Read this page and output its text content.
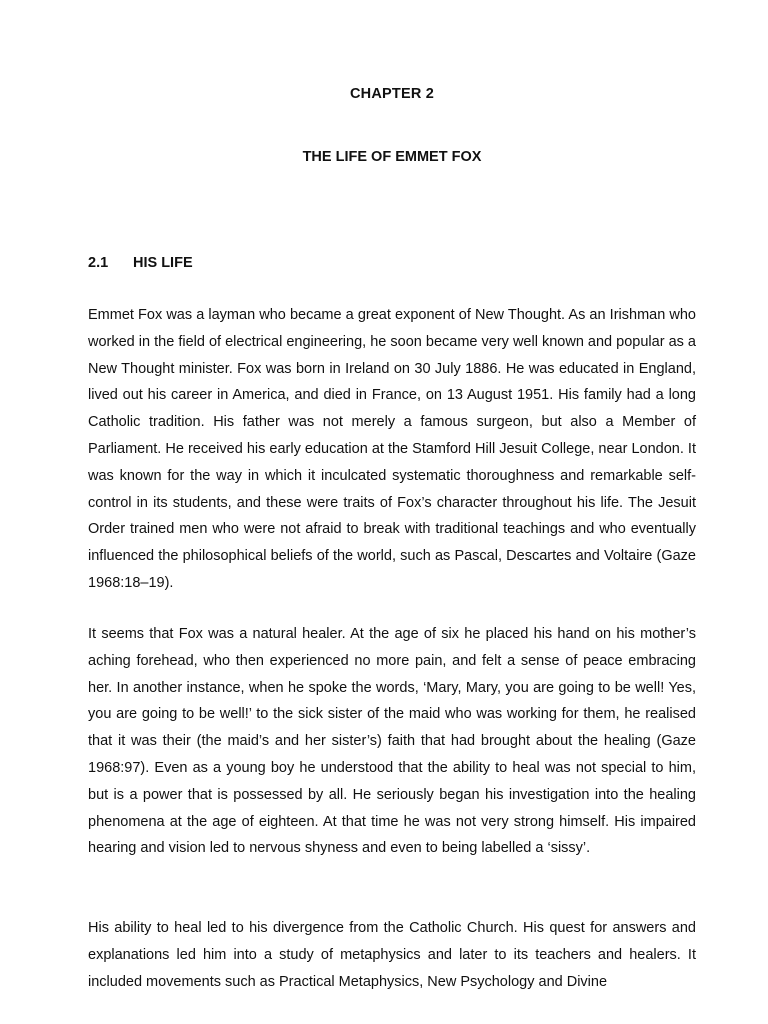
CHAPTER 2
THE LIFE OF EMMET FOX
2.1 HIS LIFE

Emmet Fox was a layman who became a great exponent of New Thought. As an Irishman who worked in the field of electrical engineering, he soon became very well known and popular as a New Thought minister. Fox was born in Ireland on 30 July 1886. He was educated in England, lived out his career in America, and died in France, on 13 August 1951. His family had a long Catholic tradition. His father was not merely a famous surgeon, but also a Member of Parliament. He received his early education at the Stamford Hill Jesuit College, near London. It was known for the way in which it inculcated systematic thoroughness and remarkable self-control in its students, and these were traits of Fox’s character throughout his life. The Jesuit Order trained men who were not afraid to break with traditional teachings and who eventually influenced the philosophical beliefs of the world, such as Pascal, Descartes and Voltaire (Gaze 1968:18–19).

It seems that Fox was a natural healer. At the age of six he placed his hand on his mother’s aching forehead, who then experienced no more pain, and felt a sense of peace embracing her. In another instance, when he spoke the words, ‘Mary, Mary, you are going to be well! Yes, you are going to be well!’ to the sick sister of the maid who was working for them, he realised that it was their (the maid’s and her sister’s) faith that had brought about the healing (Gaze 1968:97). Even as a young boy he understood that the ability to heal was not special to him, but is a power that is possessed by all. He seriously began his investigation into the healing phenomena at the age of eighteen. At that time he was not very strong himself. His impaired hearing and vision led to nervous shyness and even to being labelled a ‘sissy’.

His ability to heal led to his divergence from the Catholic Church. His quest for answers and explanations led him into a study of metaphysics and later to its teachers and healers. It included movements such as Practical Metaphysics, New Psychology and Divine
